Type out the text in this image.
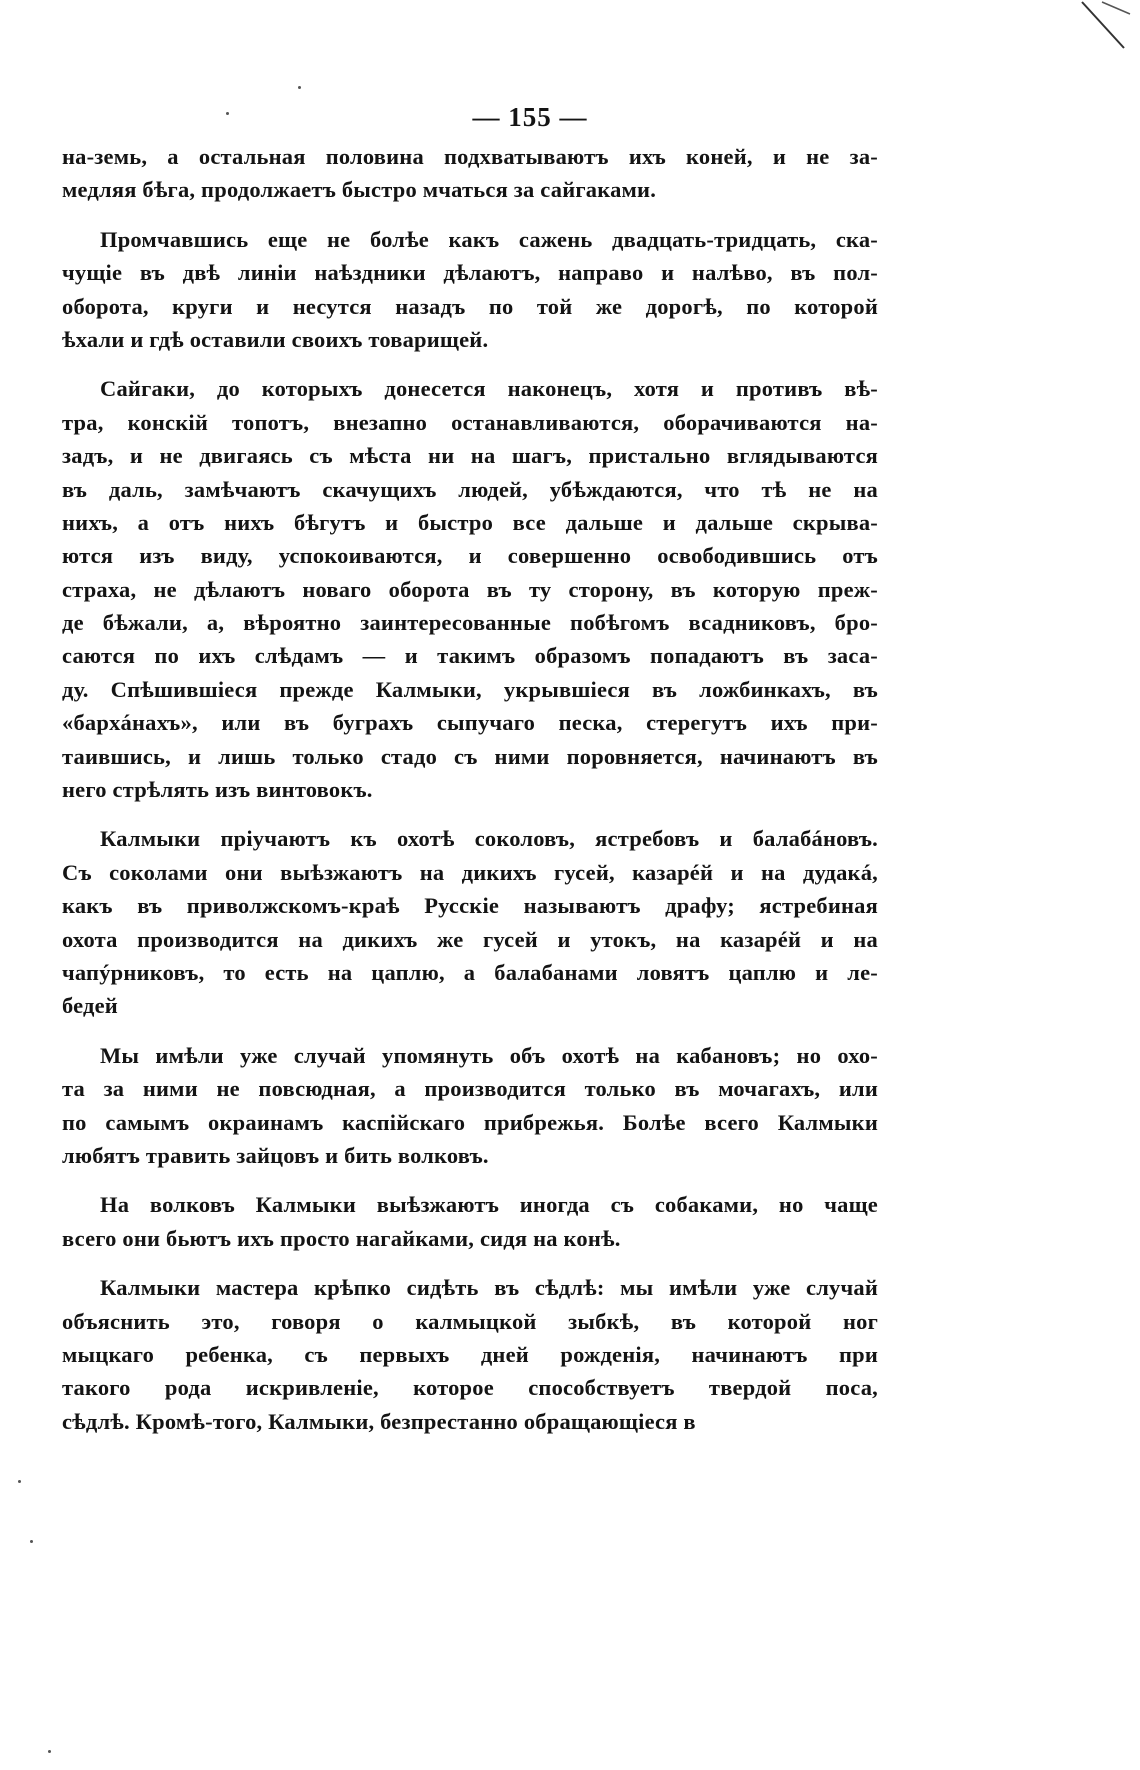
— 155 —
на-земь, а остальная половина подхватываютъ ихъ коней, и не за-
медляя бѣга, продолжаетъ быстро мчаться за сайгаками.
Промчавшись еще не болѣе какъ сажень двадцать-тридцать, ска-
чущіе въ двѣ линіи наѣздники дѣлаютъ, направо и налѣво, въ пол-
оборота, круги и несутся назадъ по той же дорогѣ, по которой
ѣхали и гдѣ оставили своихъ товарищей.
Сайгаки, до которыхъ донесется наконецъ, хотя и противъ вѣ-
тра, конскій топотъ, внезапно останавливаются, оборачиваются на-
задъ, и не двигаясь съ мѣста ни на шагъ, пристально вглядываются
въ даль, замѣчаютъ скачущихъ людей, убѣждаются, что тѣ не на
нихъ, а отъ нихъ бѣгутъ и быстро все дальше и дальше скрыва-
ются изъ виду, успокоиваются, и совершенно освободившись отъ
страха, не дѣлаютъ новаго оборота въ ту сторону, въ которую преж-
де бѣжали, а, вѣроятно заинтересованные побѣгомъ всадниковъ, бро-
саются по ихъ слѣдамъ — и такимъ образомъ попадаютъ въ заса-
ду. Спѣшившіеся прежде Калмыки, укрывшіеся въ ложбинкахъ, въ
«бархáнахъ», или въ буграхъ сыпучаго песка, стерегутъ ихъ при-
таившись, и лишь только стадо съ ними поровняется, начинаютъ въ
него стрѣлять изъ винтовокъ.
Калмыки пріучаютъ къ охотѣ соколовъ, ястребовъ и балабáновъ.
Съ соколами они выѣзжаютъ на дикихъ гусей, казарéй и на дудакá,
какъ въ приволжскомъ-краѣ Русскіе называютъ драфу; ястребиная
охота производится на дикихъ же гусей и утокъ, на казарéй и на
чапýрниковъ, то есть на цаплю, а балабанами ловятъ цаплю и ле-
бедей
Мы имѣли уже случай упомянуть объ охотѣ на кабановъ; но охо-
та за ними не повсюдная, а производится только въ мочагахъ, или
по самымъ окраинамъ каспійскаго прибрежья. Болѣе всего Калмыки
любятъ травить зайцовъ и бить волковъ.
На волковъ Калмыки выѣзжаютъ иногда съ собаками, но чаще
всего они бьютъ ихъ просто нагайками, сидя на конѣ.
Калмыки мастера крѣпко сидѣть въ сѣдлѣ: мы имѣли уже случай
объяснить это, говоря о калмыцкой зыбкѣ, въ которой ног
мыцкаго ребенка, съ первыхъ дней рожденія, начинаютъ при
такого рода искривленіе, которое способствуетъ твердой поса,
сѣдлѣ. Кромѣ-того, Калмыки, безпрестанно обращающіеся в
